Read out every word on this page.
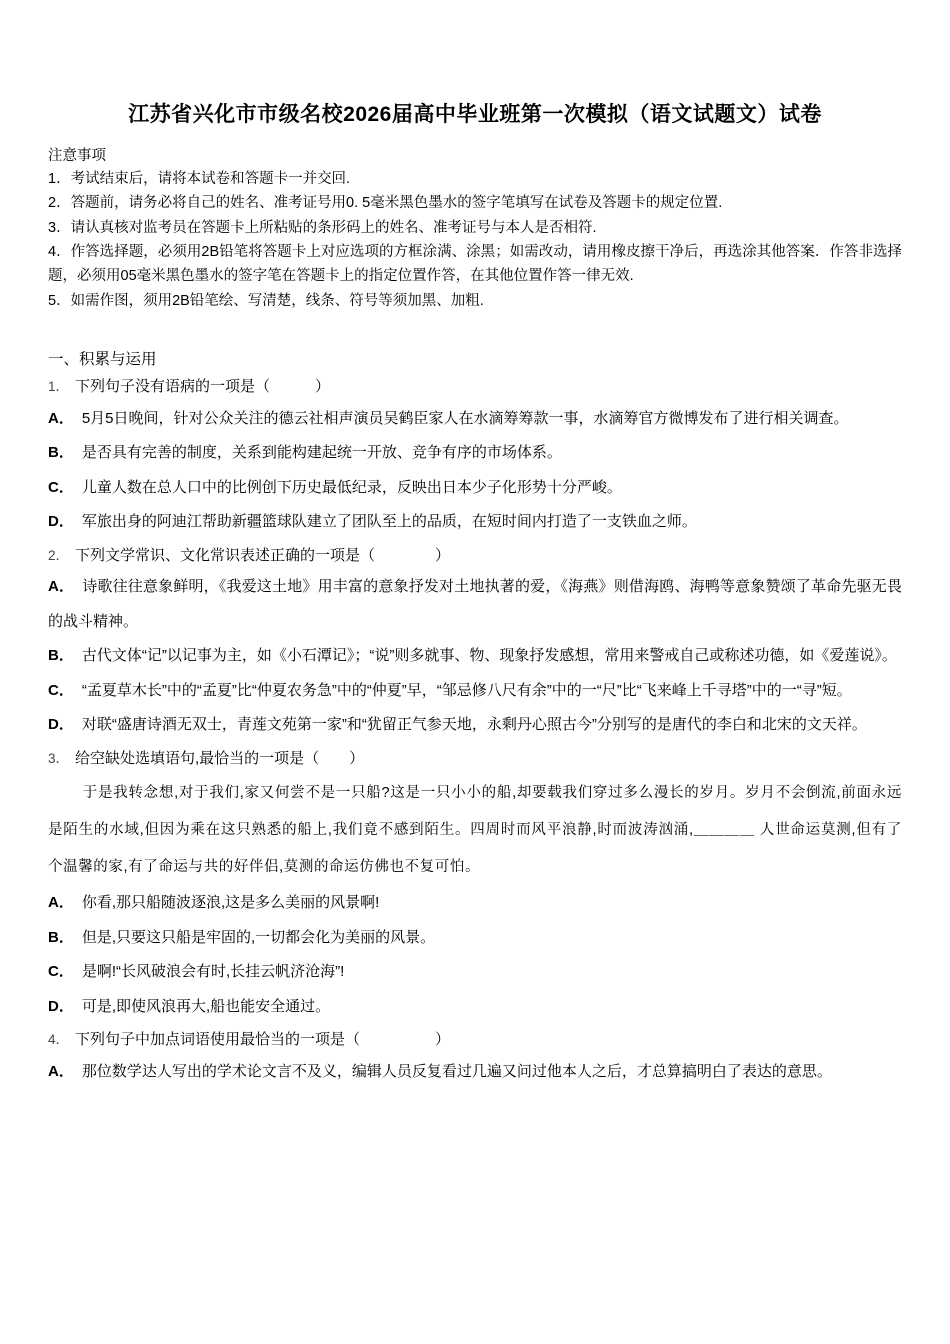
江苏省兴化市市级名校2026届高中毕业班第一次模拟（语文试题文）试卷
注意事项

1．考试结束后，请将本试卷和答题卡一并交回.

2．答题前，请务必将自己的姓名、准考证号用0. 5毫米黑色墨水的签字笔填写在试卷及答题卡的规定位置.

3．请认真核对监考员在答题卡上所粘贴的条形码上的姓名、准考证号与本人是否相符.

4．作答选择题，必须用2B铅笔将答题卡上对应选项的方框涂满、涂黑；如需改动，请用橡皮擦干净后，再选涂其他答案．作答非选择题，必须用05毫米黑色墨水的签字笔在答题卡上的指定位置作答，在其他位置作答一律无效.

5．如需作图，须用2B铅笔绘、写清楚，线条、符号等须加黑、加粗.

一、积累与运用

1． 下列句子没有语病的一项是（　　　）

A． 5月5日晚间，针对公众关注的德云社相声演员吴鹤臣家人在水滴筹筹款一事，水滴筹官方微博发布了进行相关调查。

B． 是否具有完善的制度，关系到能构建起统一开放、竞争有序的市场体系。

C． 儿童人数在总人口中的比例创下历史最低纪录，反映出日本少子化形势十分严峻。

D． 军旅出身的阿迪江帮助新疆篮球队建立了团队至上的品质，在短时间内打造了一支铁血之师。

2． 下列文学常识、文化常识表述正确的一项是（　　　　）

A． 诗歌往往意象鲜明，《我爱这土地》用丰富的意象抒发对土地执著的爱，《海燕》则借海鸥、海鸭等意象赞颂了革命先驱无畏的战斗精神。

B． 古代文体“记”以记事为主，如《小石潭记》；“说”则多就事、物、现象抒发感想，常用来警戒自己或称述功德，如《爱莲说》。

C． “孟夏草木长”中的“孟夏”比“仲夏农务急”中的“仲夏”早，“邹忌修八尺有余”中的一“尺”比“飞来峰上千寻塔”中的一“寻”短。

D． 对联“盛唐诗酒无双士，青莲文苑第一家”和“犹留正气参天地，永剩丹心照古今”分别写的是唐代的李白和北宋的文天祥。

3． 给空缺处选填语句,最恰当的一项是（　　）

于是我转念想,对于我们,家又何尝不是一只船?这是一只小小的船,却要载我们穿过多么漫长的岁月。岁月不会倒流,前面永远是陌生的水域,但因为乘在这只熟悉的船上,我们竟不感到陌生。四周时而风平浪静,时而波涛汹涌,＿＿＿＿ 人世命运莫测,但有了个温馨的家,有了命运与共的好伴侣,莫测的命运仿佛也不复可怕。

A． 你看,那只船随波逐浪,这是多么美丽的风景啊!

B． 但是,只要这只船是牢固的,一切都会化为美丽的风景。

C． 是啊!“长风破浪会有时,长挂云帆济沧海”!

D． 可是,即使风浪再大,船也能安全通过。

4． 下列句子中加点词语使用最恰当的一项是（　　　　　）

A． 那位数学达人写出的学术论文言不及义，编辑人员反复看过几遍又问过他本人之后，才总算搞明白了表达的意思。
